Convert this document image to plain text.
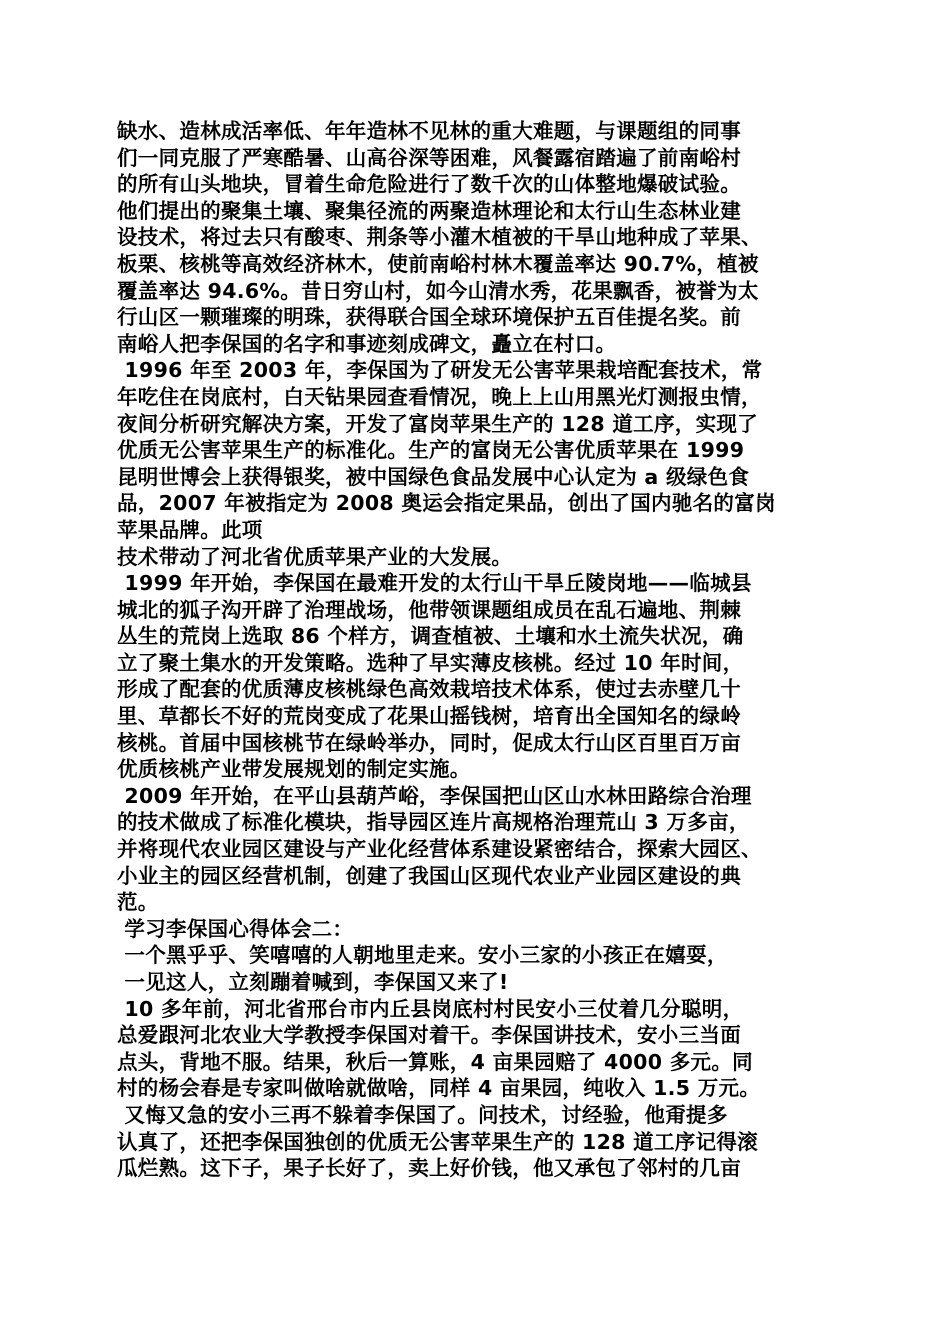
缺水、造林成活率低、年年造林不见林的重大难题，与课题组的同事
们一同克服了严寒酷暑、山高谷深等困难，风餐露宿踏遍了前南峪村
的所有山头地块，冒着生命危险进行了数千次的山体整地爆破试验。
他们提出的聚集土壤、聚集径流的两聚造林理论和太行山生态林业建
设技术，将过去只有酸枣、荆条等小灌木植被的干旱山地种成了苹果、
板栗、核桃等高效经济林木，使前南峪村林木覆盖率达 90.7%，植被
覆盖率达 94.6%。昔日穷山村，如今山清水秀，花果飘香，被誉为太
行山区一颗璀璨的明珠，获得联合国全球环境保护五百佳提名奖。前
南峪人把李保国的名字和事迹刻成碑文，矗立在村口。
1996 年至 2003 年，李保国为了研发无公害苹果栽培配套技术，常
年吃住在岗底村，白天钻果园查看情况，晚上上山用黑光灯测报虫情，
夜间分析研究解决方案，开发了富岗苹果生产的 128 道工序，实现了
优质无公害苹果生产的标准化。生产的富岗无公害优质苹果在 1999
昆明世博会上获得银奖，被中国绿色食品发展中心认定为 a 级绿色食
品，2007 年被指定为 2008 奥运会指定果品，创出了国内驰名的富岗
苹果品牌。此项
技术带动了河北省优质苹果产业的大发展。
1999 年开始，李保国在最难开发的太行山干旱丘陵岗地——临城县
城北的狐子沟开辟了治理战场，他带领课题组成员在乱石遍地、荆棘
丛生的荒岗上选取 86 个样方，调查植被、土壤和水土流失状况，确
立了聚土集水的开发策略。选种了早实薄皮核桃。经过 10 年时间，
形成了配套的优质薄皮核桃绿色高效栽培技术体系，使过去赤壁几十
里、草都长不好的荒岗变成了花果山摇钱树，培育出全国知名的绿岭
核桃。首届中国核桃节在绿岭举办，同时，促成太行山区百里百万亩
优质核桃产业带发展规划的制定实施。
2009 年开始，在平山县葫芦峪，李保国把山区山水林田路综合治理
的技术做成了标准化模块，指导园区连片高规格治理荒山 3 万多亩，
并将现代农业园区建设与产业化经营体系建设紧密结合，探索大园区、
小业主的园区经营机制，创建了我国山区现代农业产业园区建设的典
范。
学习李保国心得体会二：
一个黑乎乎、笑嘻嘻的人朝地里走来。安小三家的小孩正在嬉耍，
一见这人，立刻蹦着喊到，李保国又来了!
10 多年前，河北省邢台市内丘县岗底村村民安小三仗着几分聪明，
总爱跟河北农业大学教授李保国对着干。李保国讲技术，安小三当面
点头，背地不服。结果，秋后一算账，4 亩果园赔了 4000 多元。同
村的杨会春是专家叫做啥就做啥，同样 4 亩果园，纯收入 1.5 万元。
又悔又急的安小三再不躲着李保国了。问技术，讨经验，他甭提多
认真了，还把李保国独创的优质无公害苹果生产的 128 道工序记得滚
瓜烂熟。这下子，果子长好了，卖上好价钱，他又承包了邻村的几亩
